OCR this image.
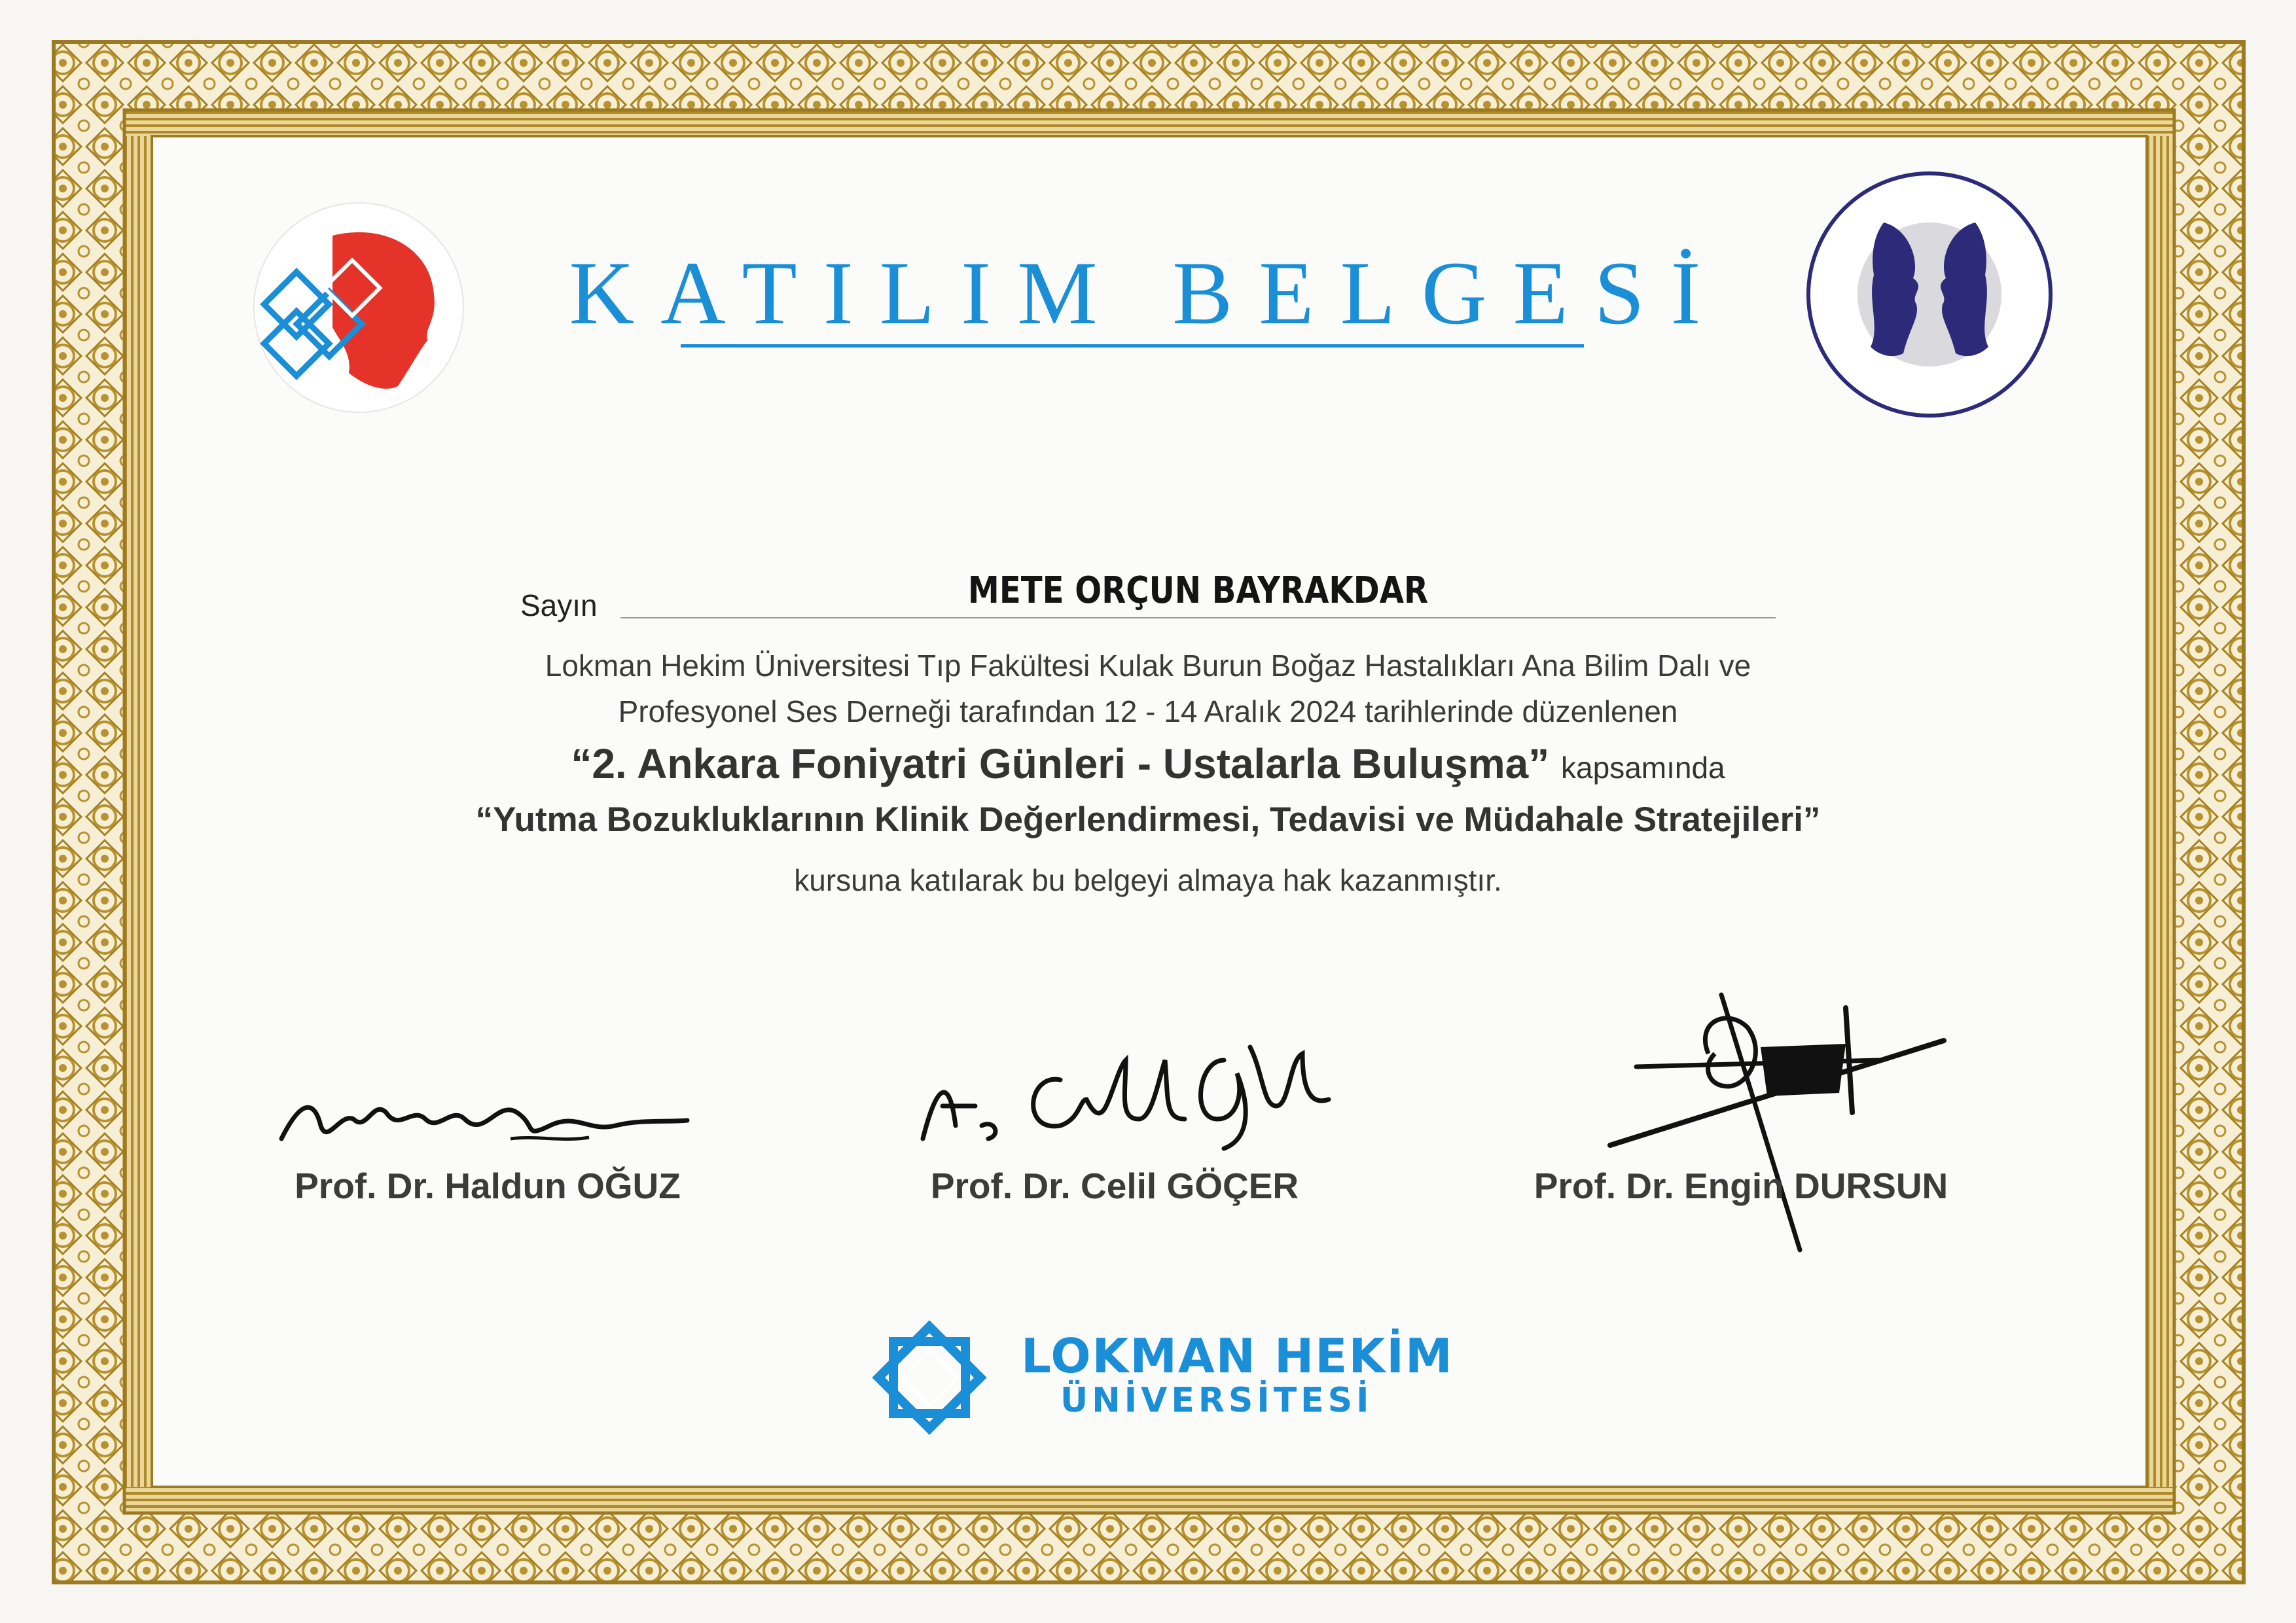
KATILIM BELGESİ
Sayın	METE ORÇUN BAYRAKDAR
Lokman Hekim Üniversitesi Tıp Fakültesi Kulak Burun Boğaz Hastalıkları Ana Bilim Dalı ve
Profesyonel Ses Derneği tarafından 12 - 14 Aralık 2024 tarihlerinde düzenlenen
“2. Ankara Foniyatri Günleri - Ustalarla Buluşma” kapsamında
“Yutma Bozukluklarının Klinik Değerlendirmesi, Tedavisi ve Müdahale Stratejileri”
kursuna katılarak bu belgeyi almaya hak kazanmıştır.
Prof. Dr. Haldun OĞUZ	Prof. Dr. Celil GÖÇER	Prof. Dr. Engin DURSUN
LOKMAN HEKİM
ÜNİVERSİTESİ
